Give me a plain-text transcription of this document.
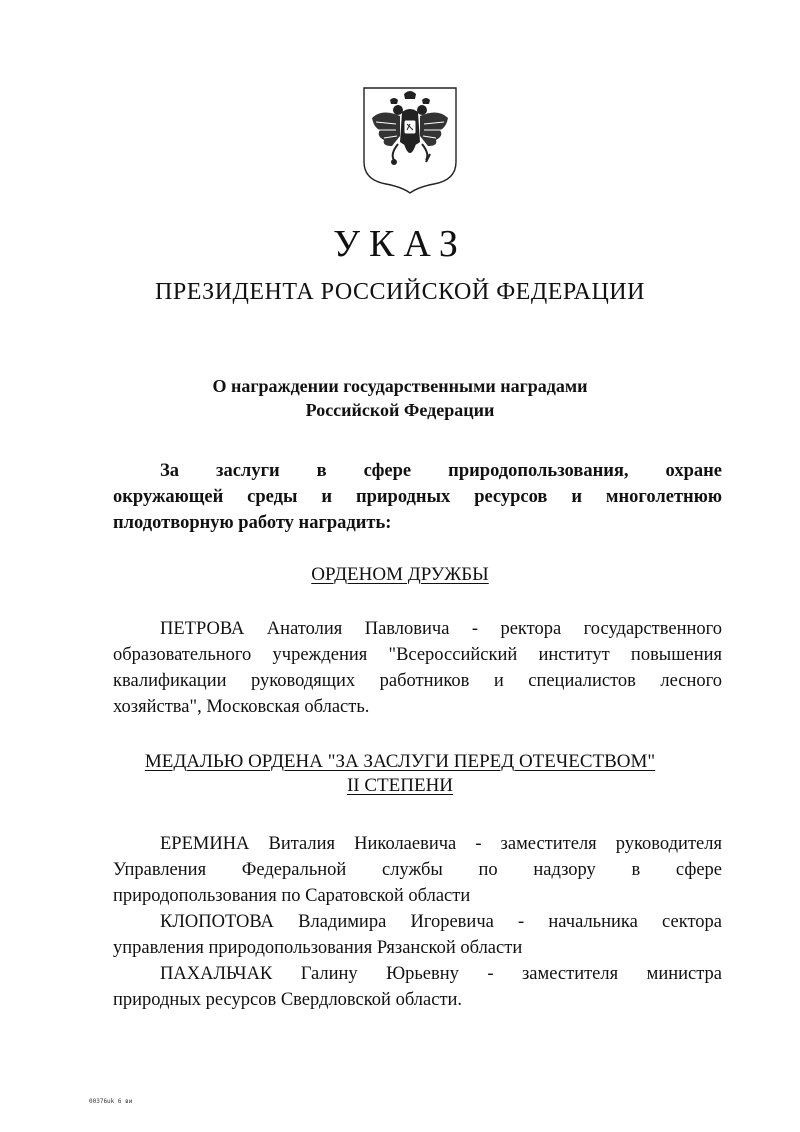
УКАЗ
ПРЕЗИДЕНТА РОССИЙСКОЙ ФЕДЕРАЦИИ
О награждении государственными наградами
Российской Федерации
За заслуги в сфере природопользования, охране
окружающей среды и природных ресурсов и многолетнюю
плодотворную работу наградить:
ОРДЕНОМ ДРУЖБЫ
ПЕТРОВА Анатолия Павловича - ректора государственного
образовательного учреждения "Всероссийский институт повышения
квалификации руководящих работников и специалистов лесного
хозяйства", Московская область.
МЕДАЛЬЮ ОРДЕНА "ЗА ЗАСЛУГИ ПЕРЕД ОТЕЧЕСТВОМ"
II СТЕПЕНИ
ЕРЕМИНА Виталия Николаевича - заместителя руководителя
Управления Федеральной службы по надзору в сфере
природопользования по Саратовской области
КЛОПОТОВА Владимира Игоревича - начальника сектора
управления природопользования Рязанской области
ПАХАЛЬЧАК Галину Юрьевну - заместителя министра
природных ресурсов Свердловской области.
00376uk 6 ви
